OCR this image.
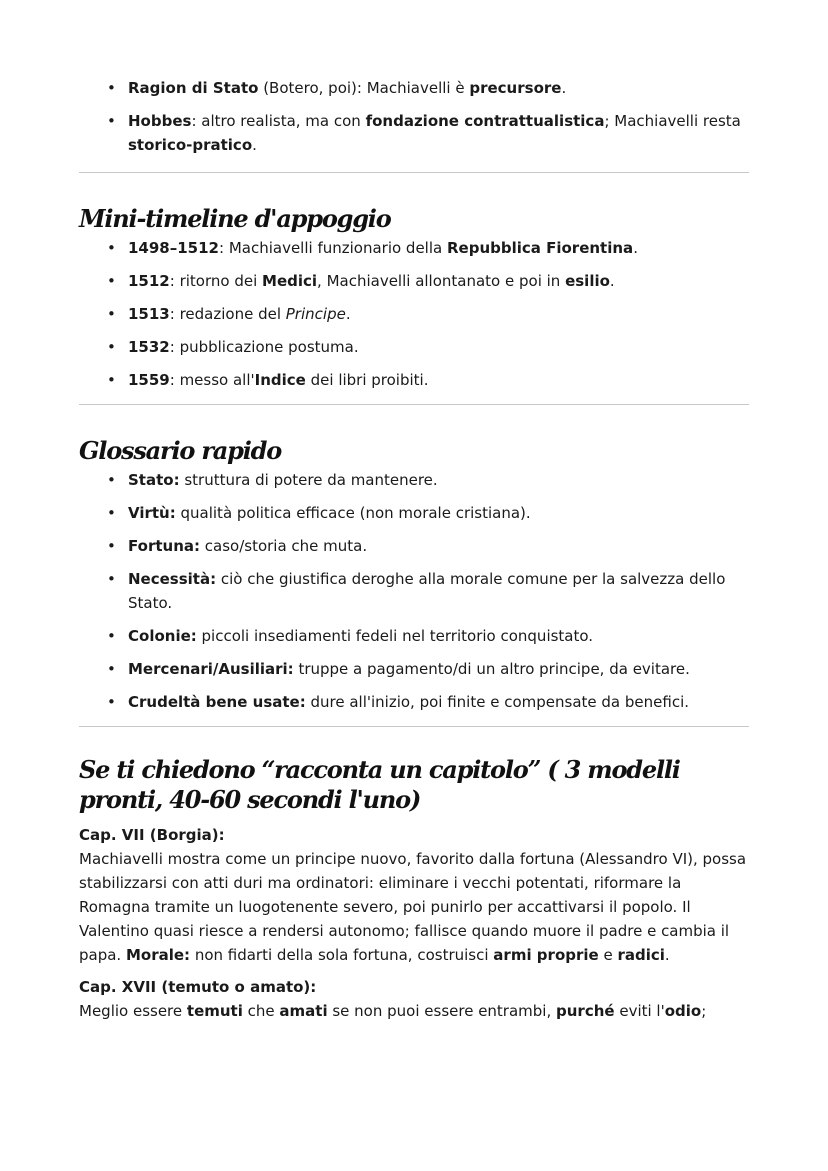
• Ragion di Stato (Botero, poi): Machiavelli è precursore.
• Hobbes: altro realista, ma con fondazione contrattualistica; Machiavelli resta storico-pratico.
Mini-timeline d'appoggio
• 1498–1512: Machiavelli funzionario della Repubblica Fiorentina.
• 1512: ritorno dei Medici, Machiavelli allontanato e poi in esilio.
• 1513: redazione del Principe.
• 1532: pubblicazione postuma.
• 1559: messo all'Indice dei libri proibiti.
Glossario rapido
• Stato: struttura di potere da mantenere.
• Virtù: qualità politica efficace (non morale cristiana).
• Fortuna: caso/storia che muta.
• Necessità: ciò che giustifica deroghe alla morale comune per la salvezza dello Stato.
• Colonie: piccoli insediamenti fedeli nel territorio conquistato.
• Mercenari/Ausiliari: truppe a pagamento/di un altro principe, da evitare.
• Crudeltà bene usate: dure all'inizio, poi finite e compensate da benefici.
Se ti chiedono “racconta un capitolo” ( 3 modelli pronti, 40-60 secondi l'uno)

Cap. VII (Borgia):

Machiavelli mostra come un principe nuovo, favorito dalla fortuna (Alessandro VI), possa stabilizzarsi con atti duri ma ordinatori: eliminare i vecchi potentati, riformare la Romagna tramite un luogotenente severo, poi punirlo per accattivarsi il popolo. Il Valentino quasi riesce a rendersi autonomo; fallisce quando muore il padre e cambia il papa. Morale: non fidarti della sola fortuna, costruisci armi proprie e radici.

Cap. XVII (temuto o amato):

Meglio essere temuti che amati se non puoi essere entrambi, purché eviti l'odio;
